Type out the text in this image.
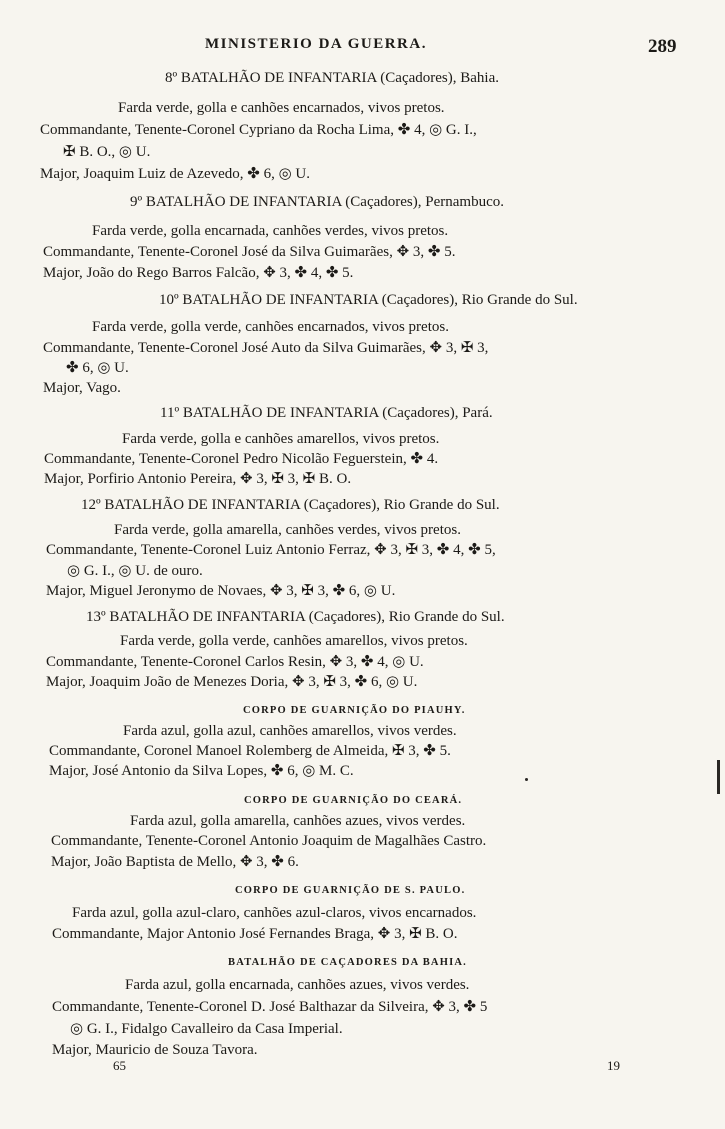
MINISTERIO DA GUERRA.	289
8º BATALHÃO DE INFANTARIA (Caçadores), Bahia.
Farda verde, golla e canhões encarnados, vivos pretos.
Commandante, Tenente-Coronel Cypriano da Rocha Lima, ✤ 4, ◎ G. I.,
✠ B. O., ◎ U.
Major, Joaquim Luiz de Azevedo, ✤ 6, ◎ U.
9º BATALHÃO DE INFANTARIA (Caçadores), Pernambuco.
Farda verde, golla encarnada, canhões verdes, vivos pretos.
Commandante, Tenente-Coronel José da Silva Guimarães, ✥ 3, ✤ 5.
Major, João do Rego Barros Falcão, ✥ 3, ✤ 4, ✤ 5.
10º BATALHÃO DE INFANTARIA (Caçadores), Rio Grande do Sul.
Farda verde, golla verde, canhões encarnados, vivos pretos.
Commandante, Tenente-Coronel José Auto da Silva Guimarães, ✥ 3, ✠ 3,
✤ 6, ◎ U.
Major, Vago.
11º BATALHÃO DE INFANTARIA (Caçadores), Pará.
Farda verde, golla e canhões amarellos, vivos pretos.
Commandante, Tenente-Coronel Pedro Nicolão Feguerstein, ✤ 4.
Major, Porfirio Antonio Pereira, ✥ 3, ✠ 3, ✠ B. O.
12º BATALHÃO DE INFANTARIA (Caçadores), Rio Grande do Sul.
Farda verde, golla amarella, canhões verdes, vivos pretos.
Commandante, Tenente-Coronel Luiz Antonio Ferraz, ✥ 3, ✠ 3, ✤ 4, ✤ 5,
◎ G. I., ◎ U. de ouro.
Major, Miguel Jeronymo de Novaes, ✥ 3, ✠ 3, ✤ 6, ◎ U.
13º BATALHÃO DE INFANTARIA (Caçadores), Rio Grande do Sul.
Farda verde, golla verde, canhões amarellos, vivos pretos.
Commandante, Tenente-Coronel Carlos Resin, ✥ 3, ✤ 4, ◎ U.
Major, Joaquim João de Menezes Doria, ✥ 3, ✠ 3, ✤ 6, ◎ U.
CORPO DE GUARNIÇÃO DO PIAUHY.
Farda azul, golla azul, canhões amarellos, vivos verdes.
Commandante, Coronel Manoel Rolemberg de Almeida, ✠ 3, ✤ 5.
Major, José Antonio da Silva Lopes, ✤ 6, ◎ M. C.
CORPO DE GUARNIÇÃO DO CEARÁ.
Farda azul, golla amarella, canhões azues, vivos verdes.
Commandante, Tenente-Coronel Antonio Joaquim de Magalhães Castro.
Major, João Baptista de Mello, ✥ 3, ✤ 6.
CORPO DE GUARNIÇÃO DE S. PAULO.
Farda azul, golla azul-claro, canhões azul-claros, vivos encarnados.
Commandante, Major Antonio José Fernandes Braga, ✥ 3, ✠ B. O.
BATALHÃO DE CAÇADORES DA BAHIA.
Farda azul, golla encarnada, canhões azues, vivos verdes.
Commandante, Tenente-Coronel D. José Balthazar da Silveira, ✥ 3, ✤ 5
◎ G. I., Fidalgo Cavalleiro da Casa Imperial.
Major, Mauricio de Souza Tavora.
65	19
